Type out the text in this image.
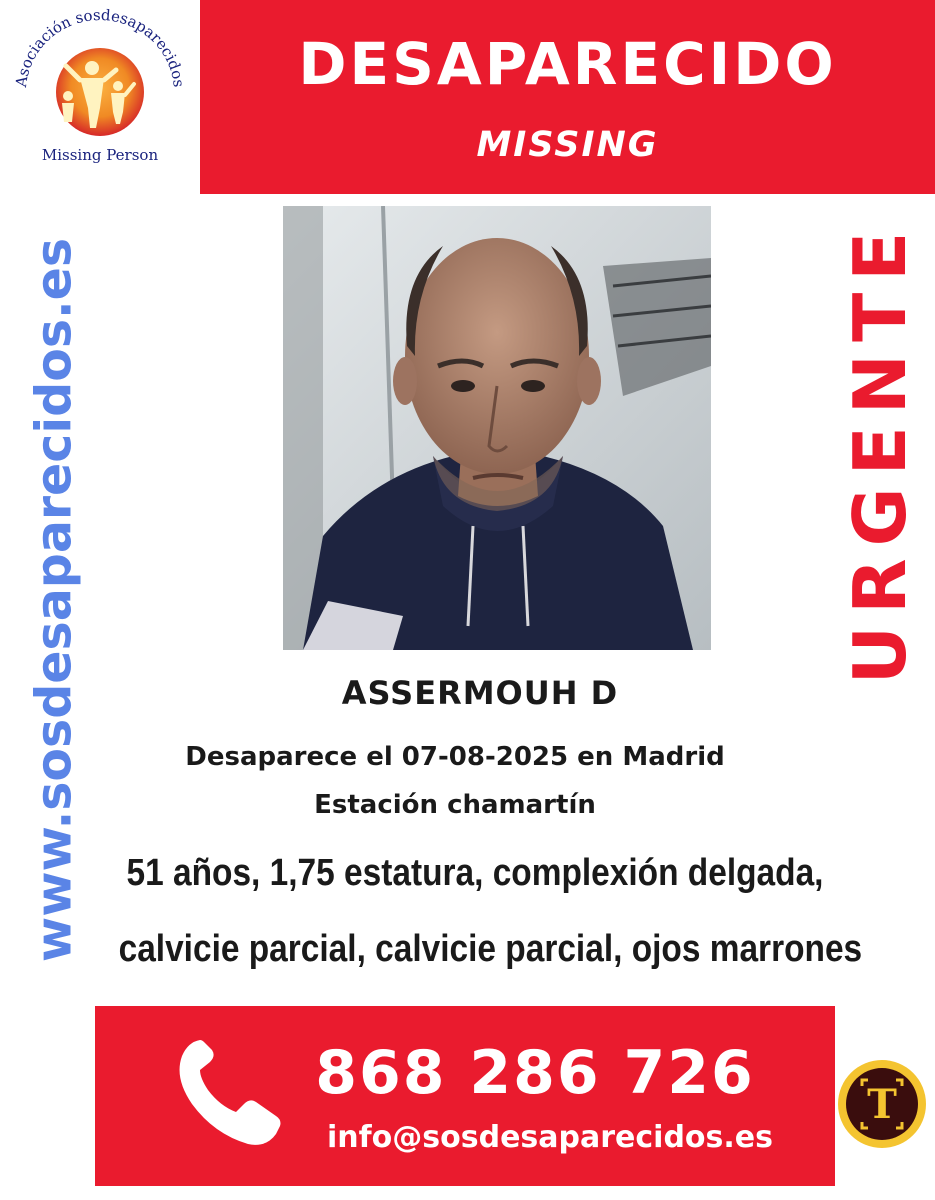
Asociación sosdesaparecidos
Missing Person
DESAPARECIDO
MISSING
www.sosdesaparecidos.es	URGENTE
ASSERMOUH D
Desaparece el 07-08-2025 en Madrid
Estación chamartín
51 años, 1,75 estatura, complexión delgada,
calvicie parcial, calvicie parcial, ojos marrones
868 286 726
info@sosdesaparecidos.es
T
